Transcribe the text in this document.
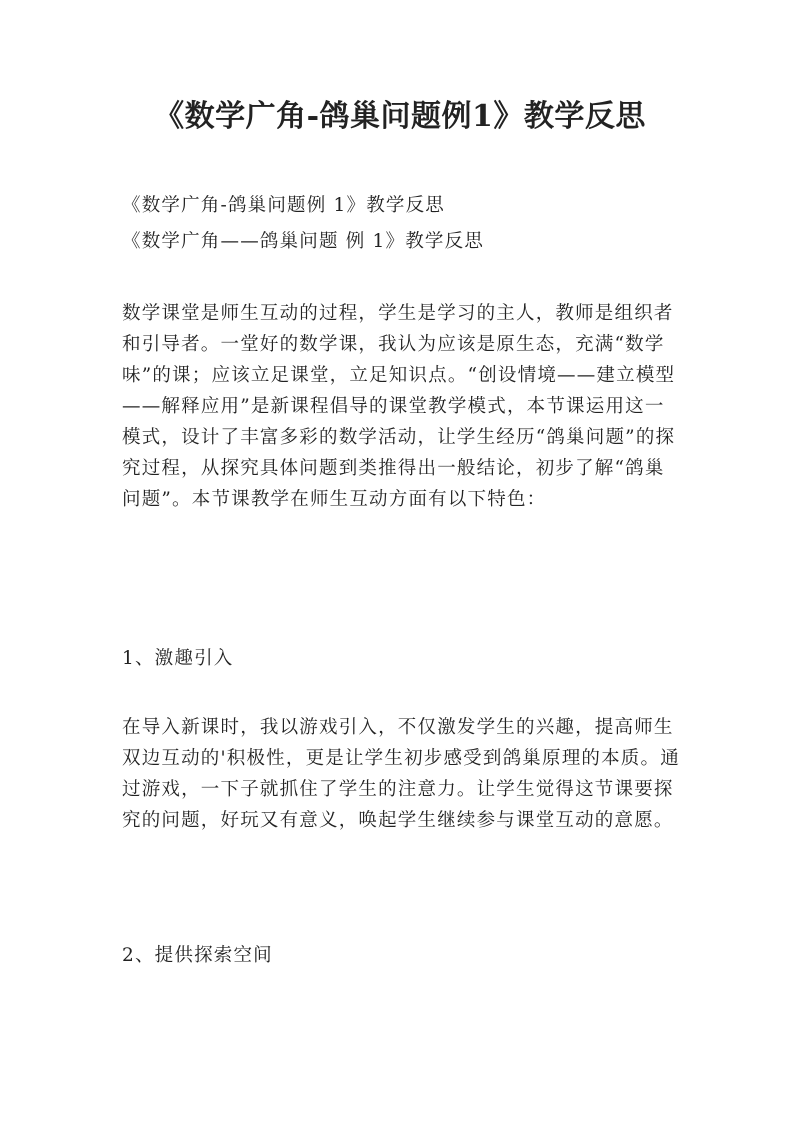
《数学广角-鸽巢问题例1》教学反思
《数学广角-鸽巢问题例 1》教学反思
《数学广角——鸽巢问题 例 1》教学反思
数学课堂是师生互动的过程，学生是学习的主人，教师是组织者和引导者。一堂好的数学课，我认为应该是原生态，充满“数学味”的课；应该立足课堂，立足知识点。“创设情境——建立模型——解释应用”是新课程倡导的课堂教学模式，本节课运用这一模式，设计了丰富多彩的数学活动，让学生经历“鸽巢问题”的探究过程，从探究具体问题到类推得出一般结论，初步了解“鸽巢问题”。本节课教学在师生互动方面有以下特色：
1、激趣引入
在导入新课时，我以游戏引入，不仅激发学生的兴趣，提高师生双边互动的'积极性，更是让学生初步感受到鸽巢原理的本质。通过游戏，一下子就抓住了学生的注意力。让学生觉得这节课要探究的问题，好玩又有意义，唤起学生继续参与课堂互动的意愿。
2、提供探索空间
